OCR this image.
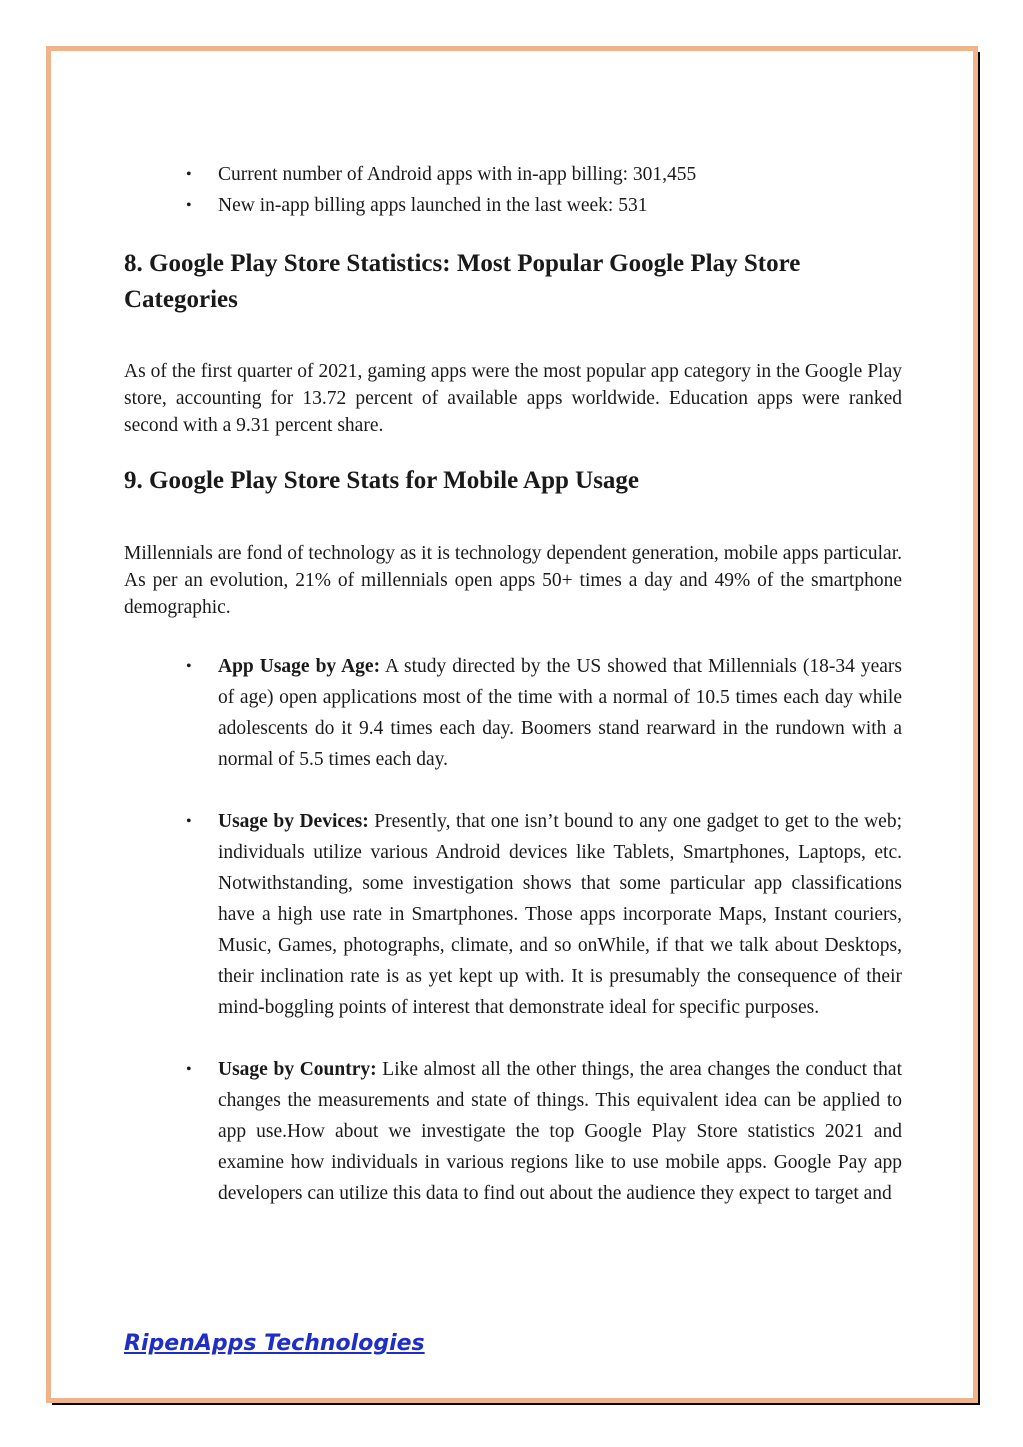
• Current number of Android apps with in-app billing: 301,455
• New in-app billing apps launched in the last week: 531
8. Google Play Store Statistics: Most Popular Google Play Store Categories

As of the first quarter of 2021, gaming apps were the most popular app category in the Google Play store, accounting for 13.72 percent of available apps worldwide. Education apps were ranked second with a 9.31 percent share.

9. Google Play Store Stats for Mobile App Usage

Millennials are fond of technology as it is technology dependent generation, mobile apps particular. As per an evolution, 21% of millennials open apps 50+ times a day and 49% of the smartphone demographic.

• App Usage by Age: A study directed by the US showed that Millennials (18-34 years of age) open applications most of the time with a normal of 10.5 times each day while adolescents do it 9.4 times each day. Boomers stand rearward in the rundown with a normal of 5.5 times each day.
• Usage by Devices: Presently, that one isn’t bound to any one gadget to get to the web; individuals utilize various Android devices like Tablets, Smartphones, Laptops, etc. Notwithstanding, some investigation shows that some particular app classifications have a high use rate in Smartphones. Those apps incorporate Maps, Instant couriers, Music, Games, photographs, climate, and so onWhile, if that we talk about Desktops, their inclination rate is as yet kept up with. It is presumably the consequence of their mind-boggling points of interest that demonstrate ideal for specific purposes.
• Usage by Country: Like almost all the other things, the area changes the conduct that changes the measurements and state of things. This equivalent idea can be applied to app use.How about we investigate the top Google Play Store statistics 2021 and examine how individuals in various regions like to use mobile apps. Google Pay app developers can utilize this data to find out about the audience they expect to target and
RipenApps Technologies
